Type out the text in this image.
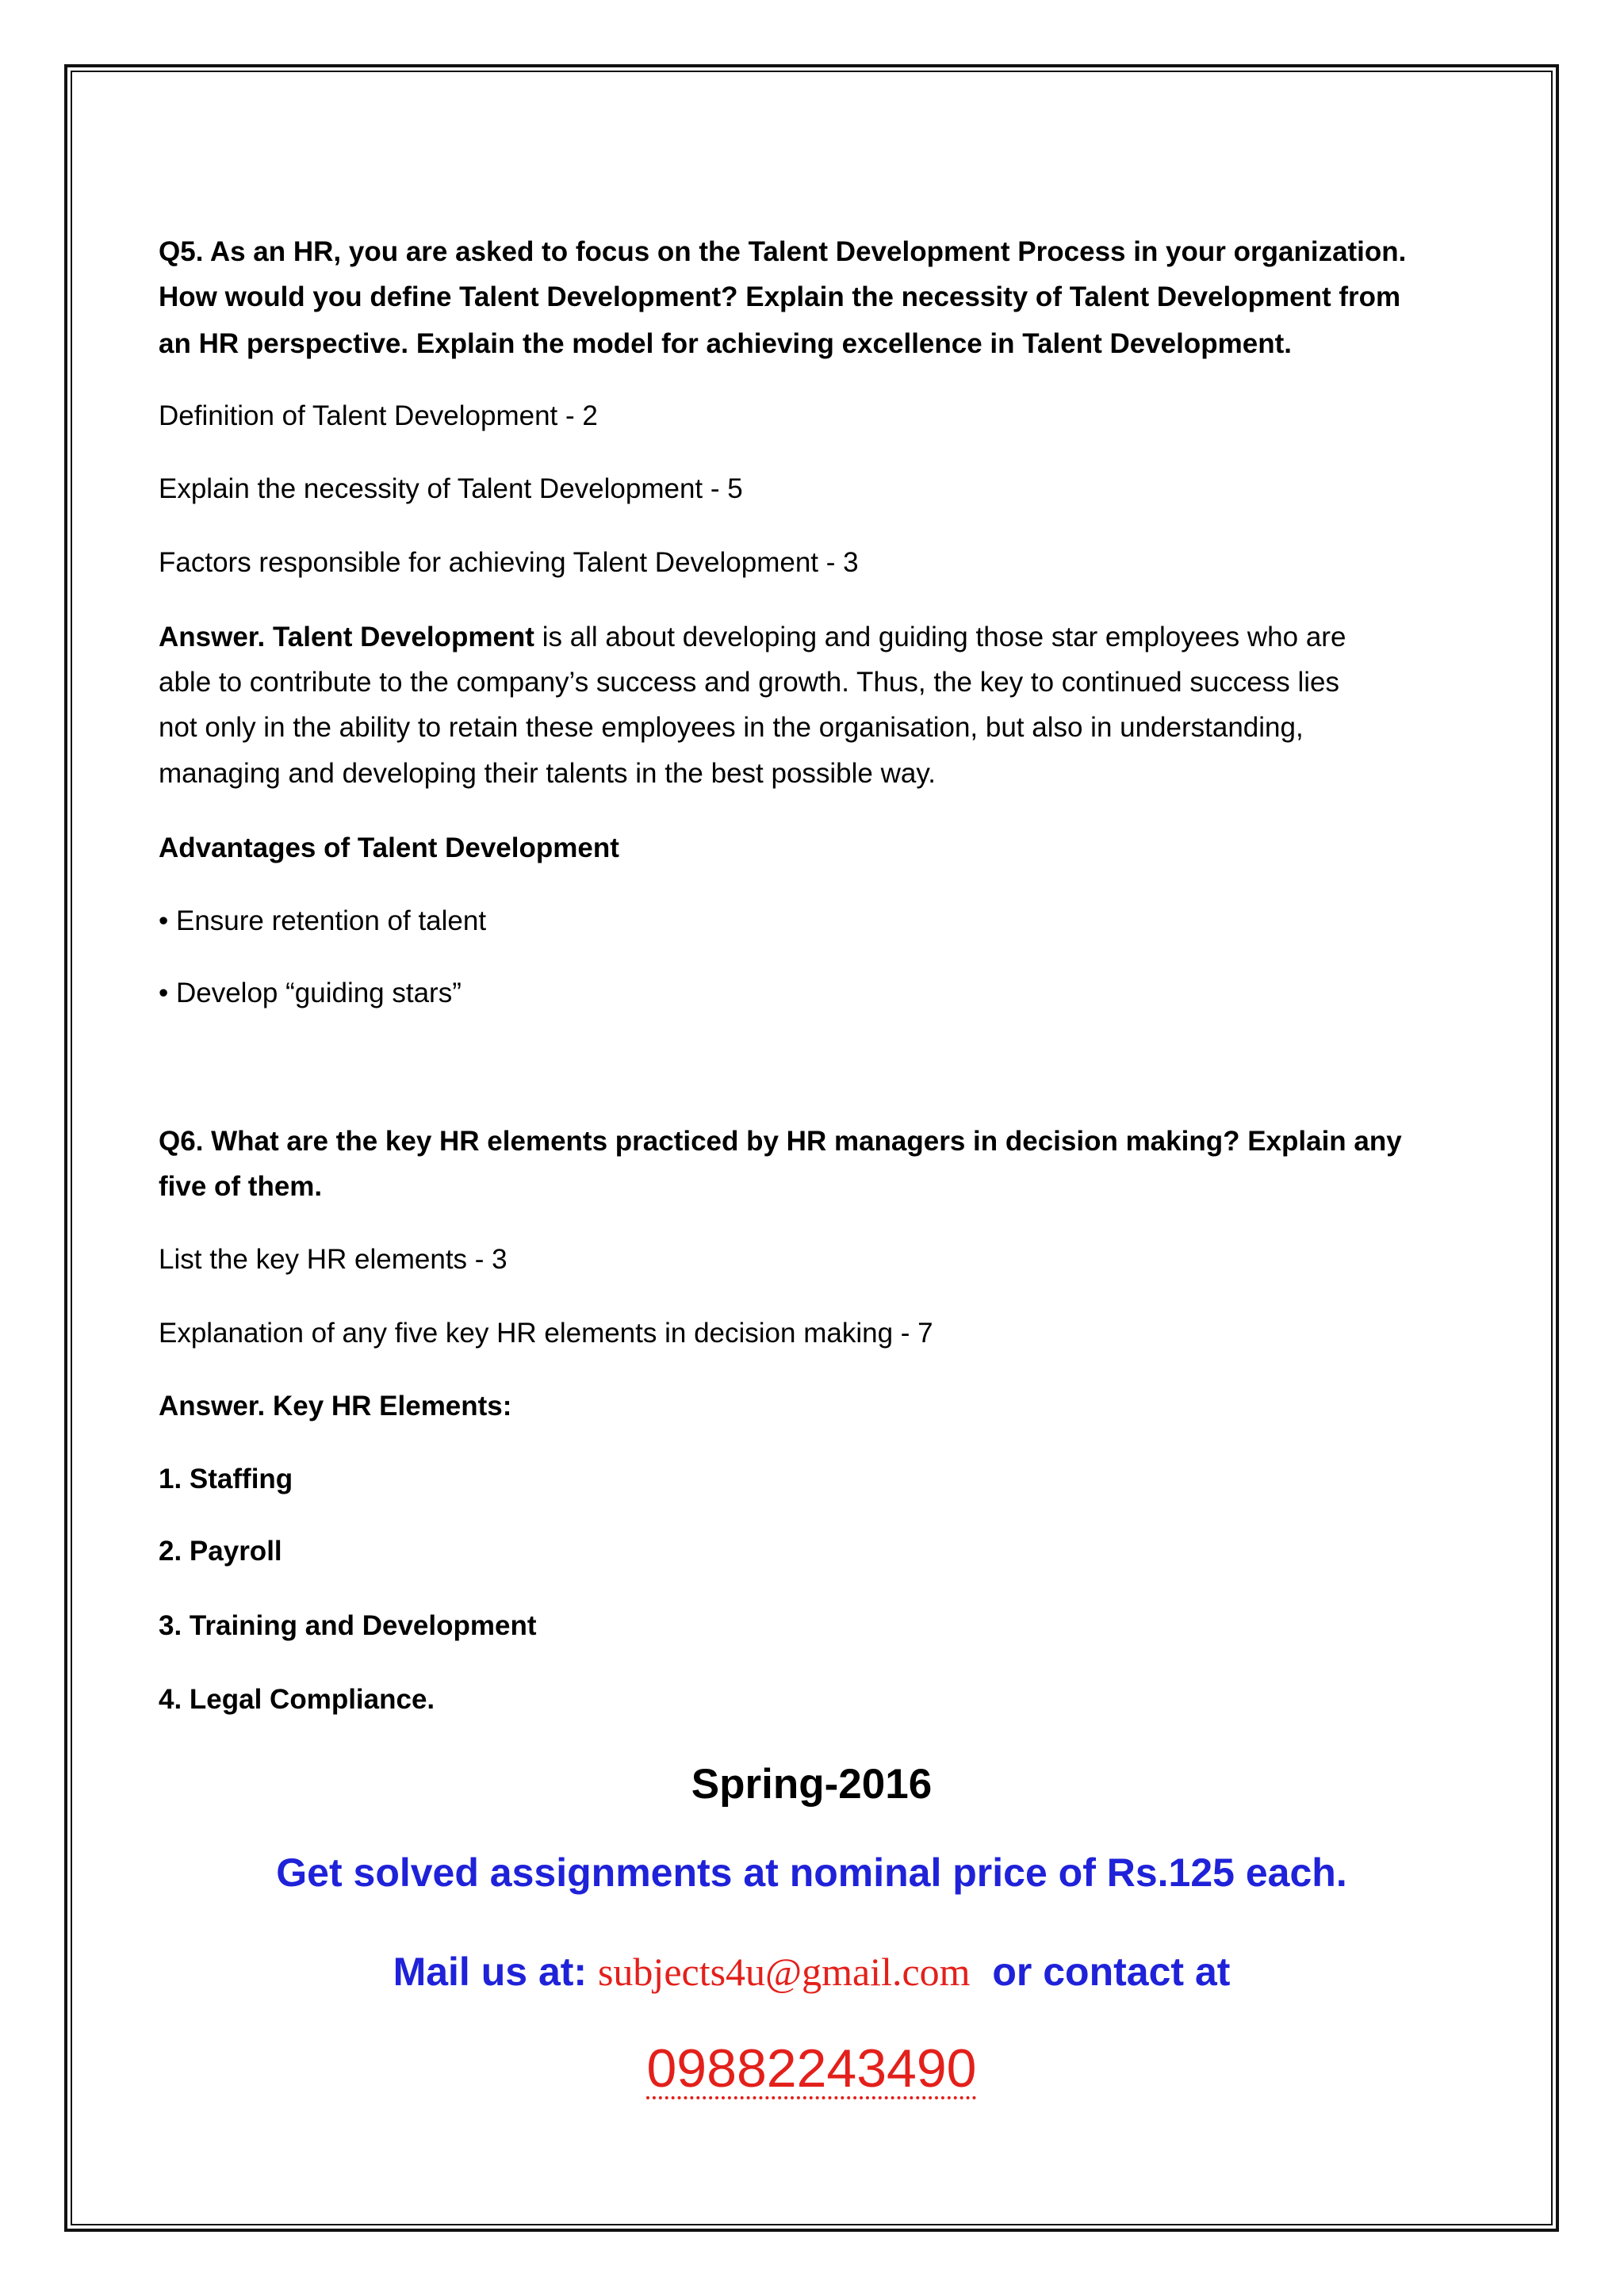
Q5. As an HR, you are asked to focus on the Talent Development Process in your organization.
How would you define Talent Development? Explain the necessity of Talent Development from
an HR perspective. Explain the model for achieving excellence in Talent Development.
Definition of Talent Development - 2
Explain the necessity of Talent Development - 5
Factors responsible for achieving Talent Development - 3
Answer. Talent Development is all about developing and guiding those star employees who are
able to contribute to the company’s success and growth. Thus, the key to continued success lies
not only in the ability to retain these employees in the organisation, but also in understanding,
managing and developing their talents in the best possible way.
Advantages of Talent Development
• Ensure retention of talent
• Develop “guiding stars”
Q6. What are the key HR elements practiced by HR managers in decision making? Explain any
five of them.
List the key HR elements - 3
Explanation of any five key HR elements in decision making - 7
Answer. Key HR Elements:
1. Staffing
2. Payroll
3. Training and Development
4. Legal Compliance.
Spring-2016
Get solved assignments at nominal price of Rs.125 each.
Mail us at: subjects4u@gmail.com or contact at
09882243490
